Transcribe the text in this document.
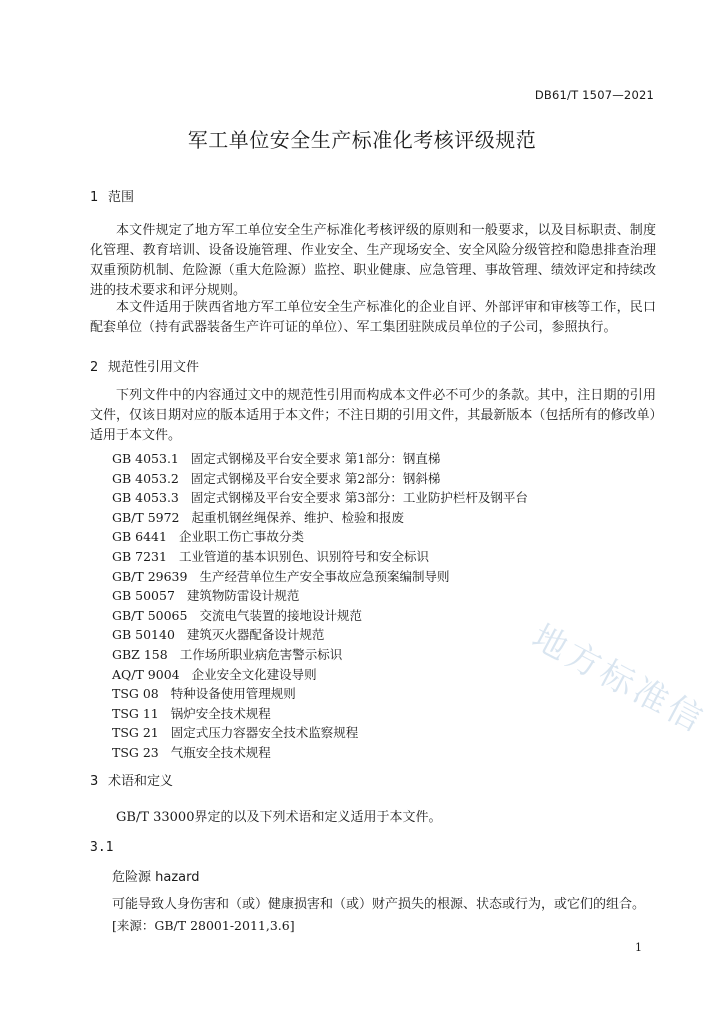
DB61/T 1507—2021
军工单位安全生产标准化考核评级规范
1 范围

本文件规定了地方军工单位安全生产标准化考核评级的原则和一般要求，以及目标职责、制度化管理、教育培训、设备设施管理、作业安全、生产现场安全、安全风险分级管控和隐患排查治理双重预防机制、危险源（重大危险源）监控、职业健康、应急管理、事故管理、绩效评定和持续改进的技术要求和评分规则。

本文件适用于陕西省地方军工单位安全生产标准化的企业自评、外部评审和审核等工作，民口配套单位（持有武器装备生产许可证的单位）、军工集团驻陕成员单位的子公司，参照执行。

2 规范性引用文件

下列文件中的内容通过文中的规范性引用而构成本文件必不可少的条款。其中，注日期的引用文件，仅该日期对应的版本适用于本文件；不注日期的引用文件，其最新版本（包括所有的修改单）适用于本文件。

GB 4053.1 固定式钢梯及平台安全要求 第1部分：钢直梯
GB 4053.2 固定式钢梯及平台安全要求 第2部分：钢斜梯
GB 4053.3 固定式钢梯及平台安全要求 第3部分：工业防护栏杆及钢平台
GB/T 5972 起重机钢丝绳保养、维护、检验和报废
GB 6441 企业职工伤亡事故分类
GB 7231 工业管道的基本识别色、识别符号和安全标识
GB/T 29639 生产经营单位生产安全事故应急预案编制导则
GB 50057 建筑物防雷设计规范
GB/T 50065 交流电气装置的接地设计规范
GB 50140 建筑灭火器配备设计规范
GBZ 158 工作场所职业病危害警示标识
AQ/T 9004 企业安全文化建设导则
TSG 08 特种设备使用管理规则
TSG 11 锅炉安全技术规程
TSG 21 固定式压力容器安全技术监察规程
TSG 23 气瓶安全技术规程
3 术语和定义

GB/T 33000界定的以及下列术语和定义适用于本文件。

3.1
危险源 hazard
可能导致人身伤害和（或）健康损害和（或）财产损失的根源、状态或行为，或它们的组合。
[来源：GB/T 28001-2011,3.6]
1
地方标准信
